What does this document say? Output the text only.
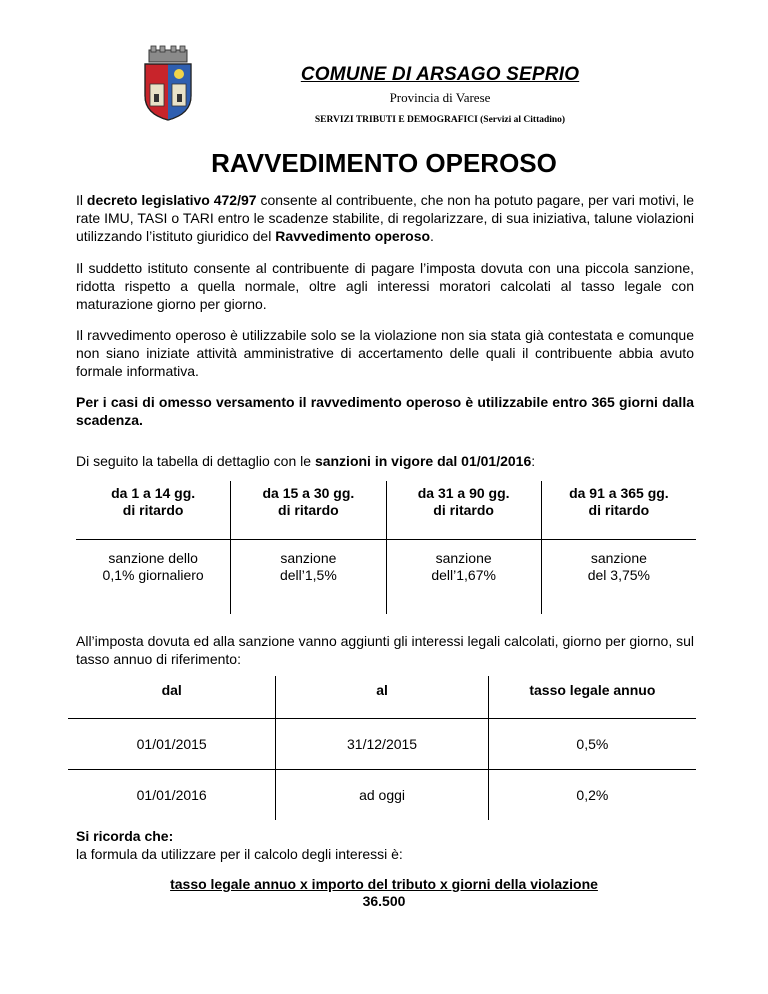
COMUNE DI ARSAGO SEPRIO
Provincia di Varese
SERVIZI TRIBUTI E DEMOGRAFICI (Servizi al Cittadino)
RAVVEDIMENTO OPEROSO

Il decreto legislativo 472/97 consente al contribuente, che non ha potuto pagare, per vari motivi, le rate IMU, TASI o TARI entro le scadenze stabilite, di regolarizzare, di sua iniziativa, talune violazioni utilizzando l’istituto giuridico del Ravvedimento operoso.

Il suddetto istituto consente al contribuente di pagare l’imposta dovuta con una piccola sanzione, ridotta rispetto a quella normale, oltre agli interessi moratori calcolati al tasso legale con maturazione giorno per giorno.

Il ravvedimento operoso è utilizzabile solo se la violazione non sia stata già contestata e comunque non siano iniziate attività amministrative di accertamento delle quali il contribuente abbia avuto formale informativa.

Per i casi di omesso versamento il ravvedimento operoso è utilizzabile entro 365 giorni dalla scadenza.

Di seguito la tabella di dettaglio con le sanzioni in vigore dal 01/01/2016:

da 1 a 14 gg.
di ritardo	da 15 a 30 gg.
di ritardo	da 31 a 90 gg.
di ritardo	da 91 a 365 gg.
di ritardo
sanzione dello
0,1% giornaliero	sanzione
dell’1,5%	sanzione
dell’1,67%	sanzione
del 3,75%

All’imposta dovuta ed alla sanzione vanno aggiunti gli interessi legali calcolati, giorno per giorno, sul tasso annuo di riferimento:

dal	al	tasso legale annuo
01/01/2015	31/12/2015	0,5%
01/01/2016	ad oggi	0,2%

Si ricorda che:
la formula da utilizzare per il calcolo degli interessi è:

tasso legale annuo x importo del tributo x giorni della violazione
36.500
